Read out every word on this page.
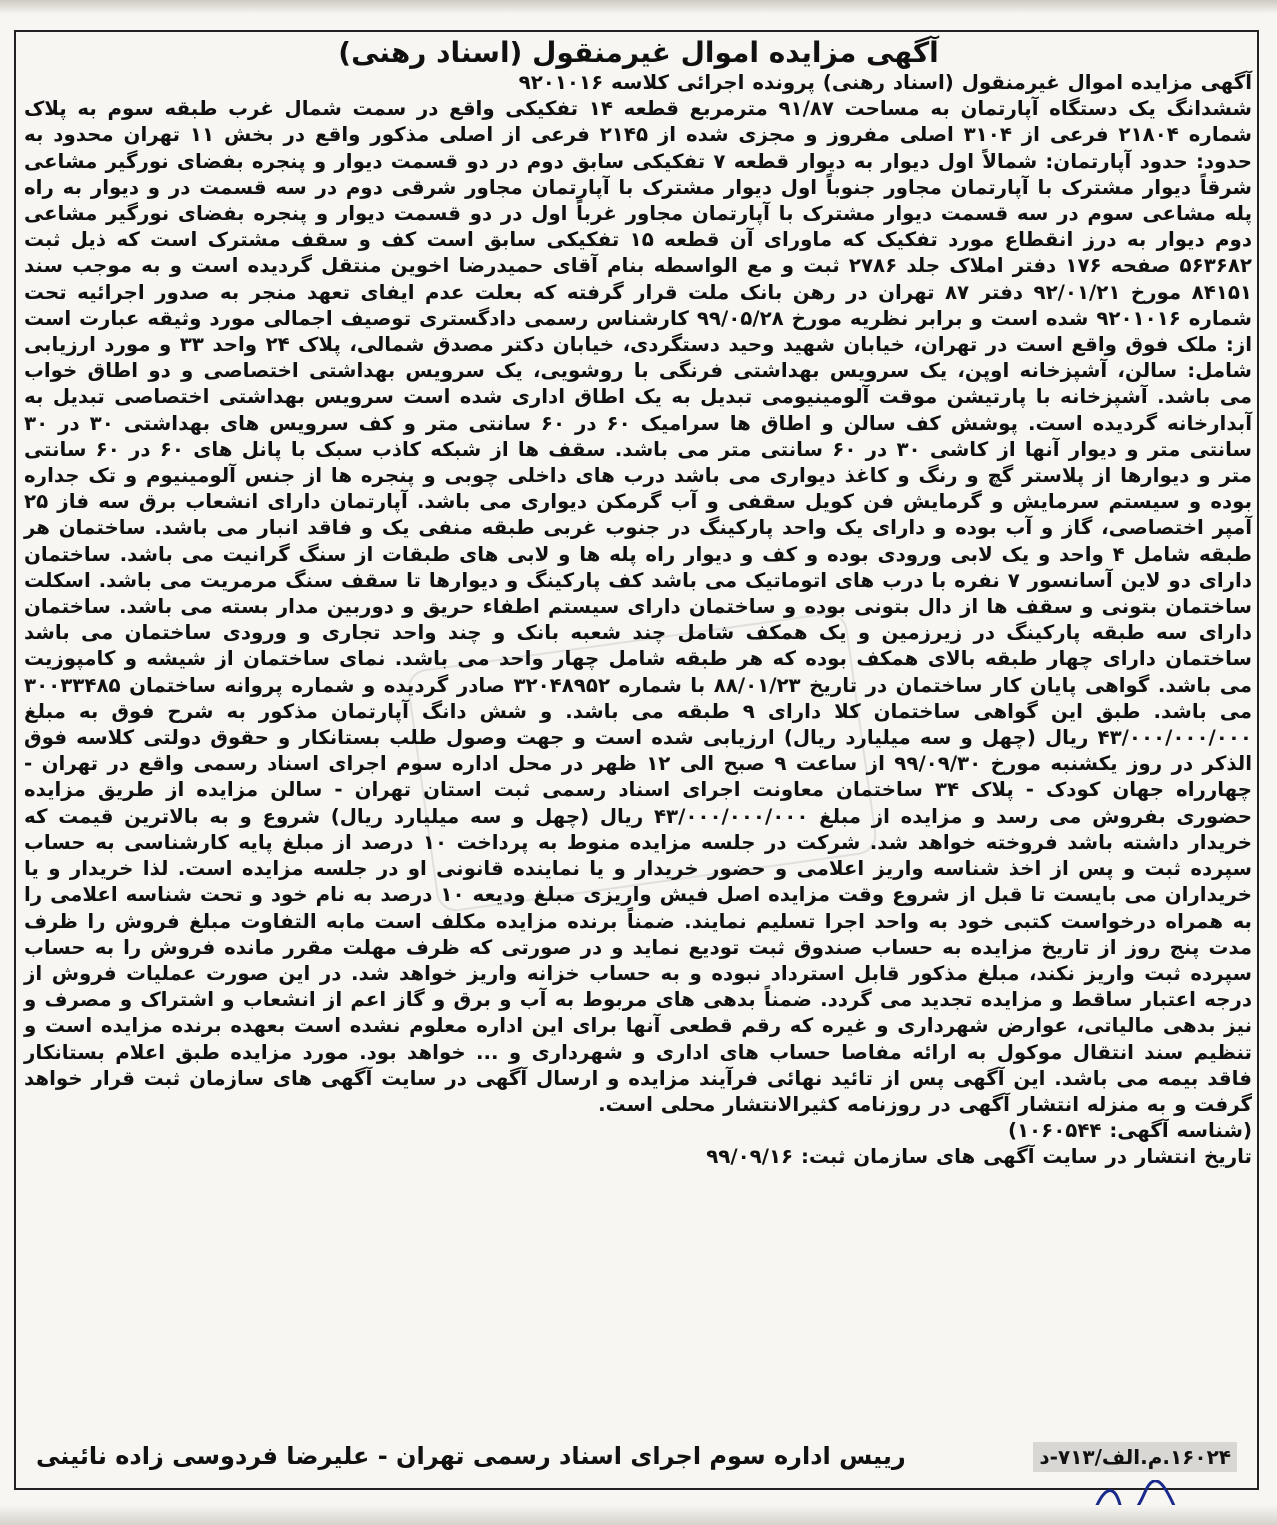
آگهی مزایده اموال غیرمنقول (اسناد رهنی)

آگهی مزایده اموال غیرمنقول (اسناد رهنی) پرونده اجرائی کلاسه ۹۲۰۱۰۱۶

ششدانگ یک دستگاه آپارتمان به مساحت ۹۱/۸۷ مترمربع قطعه ۱۴ تفکیکی واقع در سمت شمال غرب طبقه سوم به پلاک شماره ۲۱۸۰۴ فرعی از ۳۱۰۴ اصلی مفروز و مجزی شده از ۲۱۴۵ فرعی از اصلی مذکور واقع در بخش ۱۱ تهران محدود به حدود: حدود آپارتمان: شمالاً اول دیوار به دیوار قطعه ۷ تفکیکی سابق دوم در دو قسمت دیوار و پنجره بفضای نورگیر مشاعی شرقاً دیوار مشترک با آپارتمان مجاور جنوباً اول دیوار مشترک با آپارتمان مجاور شرقی دوم در سه قسمت در و دیوار به راه پله مشاعی سوم در سه قسمت دیوار مشترک با آپارتمان مجاور غرباً اول در دو قسمت دیوار و پنجره بفضای نورگیر مشاعی دوم دیوار به درز انقطاع مورد تفکیک که ماورای آن قطعه ۱۵ تفکیکی سابق است کف و سقف مشترک است که ذیل ثبت ۵۶۳۶۸۲ صفحه ۱۷۶ دفتر املاک جلد ۲۷۸۶ ثبت و مع الواسطه بنام آقای حمیدرضا اخوین منتقل گردیده است و به موجب سند ۸۴۱۵۱ مورخ ۹۲/۰۱/۲۱ دفتر ۸۷ تهران در رهن بانک ملت قرار گرفته که بعلت عدم ایفای تعهد منجر به صدور اجرائیه تحت شماره ۹۲۰۱۰۱۶ شده است و برابر نظریه مورخ ۹۹/۰۵/۲۸ کارشناس رسمی دادگستری توصیف اجمالی مورد وثیقه عبارت است از: ملک فوق واقع است در تهران، خیابان شهید وحید دستگردی، خیابان دکتر مصدق شمالی، پلاک ۲۴ واحد ۳۳ و مورد ارزیابی شامل: سالن، آشپزخانه اوپن، یک سرویس بهداشتی فرنگی با روشویی، یک سرویس بهداشتی اختصاصی و دو اطاق خواب می باشد. آشپزخانه با پارتیشن موقت آلومینیومی تبدیل به یک اطاق اداری شده است سرویس بهداشتی اختصاصی تبدیل به آبدارخانه گردیده است. پوشش کف سالن و اطاق ها سرامیک ۶۰ در ۶۰ سانتی متر و کف سرویس های بهداشتی ۳۰ در ۳۰ سانتی متر و دیوار آنها از کاشی ۳۰ در ۶۰ سانتی متر می باشد. سقف ها از شبکه کاذب سبک با پانل های ۶۰ در ۶۰ سانتی متر و دیوارها از پلاستر گچ و رنگ و کاغذ دیواری می باشد درب های داخلی چوبی و پنجره ها از جنس آلومینیوم و تک جداره بوده و سیستم سرمایش و گرمایش فن کویل سقفی و آب گرمکن دیواری می باشد. آپارتمان دارای انشعاب برق سه فاز ۲۵ آمپر اختصاصی، گاز و آب بوده و دارای یک واحد پارکینگ در جنوب غربی طبقه منفی یک و فاقد انبار می باشد. ساختمان هر طبقه شامل ۴ واحد و یک لابی ورودی بوده و کف و دیوار راه پله ها و لابی های طبقات از سنگ گرانیت می باشد. ساختمان دارای دو لاین آسانسور ۷ نفره با درب های اتوماتیک می باشد کف پارکینگ و دیوارها تا سقف سنگ مرمریت می باشد. اسکلت ساختمان بتونی و سقف ها از دال بتونی بوده و ساختمان دارای سیستم اطفاء حریق و دوربین مدار بسته می باشد. ساختمان دارای سه طبقه پارکینگ در زیرزمین و یک همکف شامل چند شعبه بانک و چند واحد تجاری و ورودی ساختمان می باشد ساختمان دارای چهار طبقه بالای همکف بوده که هر طبقه شامل چهار واحد می باشد. نمای ساختمان از شیشه و کامپوزیت می باشد. گواهی پایان کار ساختمان در تاریخ ۸۸/۰۱/۲۳ با شماره ۳۲۰۴۸۹۵۲ صادر گردیده و شماره پروانه ساختمان ۳۰۰۳۳۴۸۵ می باشد. طبق این گواهی ساختمان کلا دارای ۹ طبقه می باشد. و شش دانگ آپارتمان مذکور به شرح فوق به مبلغ ۴۳/۰۰۰/۰۰۰/۰۰۰ ریال (چهل و سه میلیارد ریال) ارزیابی شده است و جهت وصول طلب بستانکار و حقوق دولتی کلاسه فوق الذکر در روز یکشنبه مورخ ۹۹/۰۹/۳۰ از ساعت ۹ صبح الی ۱۲ ظهر در محل اداره سوم اجرای اسناد رسمی واقع در تهران - چهارراه جهان کودک - پلاک ۳۴ ساختمان معاونت اجرای اسناد رسمی ثبت استان تهران - سالن مزایده از طریق مزایده حضوری بفروش می رسد و مزایده از مبلغ ۴۳/۰۰۰/۰۰۰/۰۰۰ ریال (چهل و سه میلیارد ریال) شروع و به بالاترین قیمت که خریدار داشته باشد فروخته خواهد شد. شرکت در جلسه مزایده منوط به پرداخت ۱۰ درصد از مبلغ پایه کارشناسی به حساب سپرده ثبت و پس از اخذ شناسه واریز اعلامی و حضور خریدار و یا نماینده قانونی او در جلسه مزایده است. لذا خریدار و یا خریداران می بایست تا قبل از شروع وقت مزایده اصل فیش واریزی مبلغ ودیعه ۱۰ درصد به نام خود و تحت شناسه اعلامی را به همراه درخواست کتبی خود به واحد اجرا تسلیم نمایند. ضمناً برنده مزایده مکلف است مابه التفاوت مبلغ فروش را ظرف مدت پنج روز از تاریخ مزایده به حساب صندوق ثبت تودیع نماید و در صورتی که ظرف مهلت مقرر مانده فروش را به حساب سپرده ثبت واریز نکند، مبلغ مذکور قابل استرداد نبوده و به حساب خزانه واریز خواهد شد. در این صورت عملیات فروش از درجه اعتبار ساقط و مزایده تجدید می گردد. ضمناً بدهی های مربوط به آب و برق و گاز اعم از انشعاب و اشتراک و مصرف و نیز بدهی مالیاتی، عوارض شهرداری و غیره که رقم قطعی آنها برای این اداره معلوم نشده است بعهده برنده مزایده است و تنظیم سند انتقال موکول به ارائه مفاصا حساب های اداری و شهرداری و ... خواهد بود. مورد مزایده طبق اعلام بستانکار فاقد بیمه می باشد. این آگهی پس از تائید نهائی فرآیند مزایده و ارسال آگهی در سایت آگهی های سازمان ثبت قرار خواهد گرفت و به منزله انتشار آگهی در روزنامه کثیرالانتشار محلی است.

(شناسه آگهی: ۱۰۶۰۵۴۴)

تاریخ انتشار در سایت آگهی های سازمان ثبت: ۹۹/۰۹/۱۶

رییس اداره سوم اجرای اسناد رسمی تهران - علیرضا فردوسی زاده نائینی	۱۶۰۲۴.م.الف/۷۱۳-د
